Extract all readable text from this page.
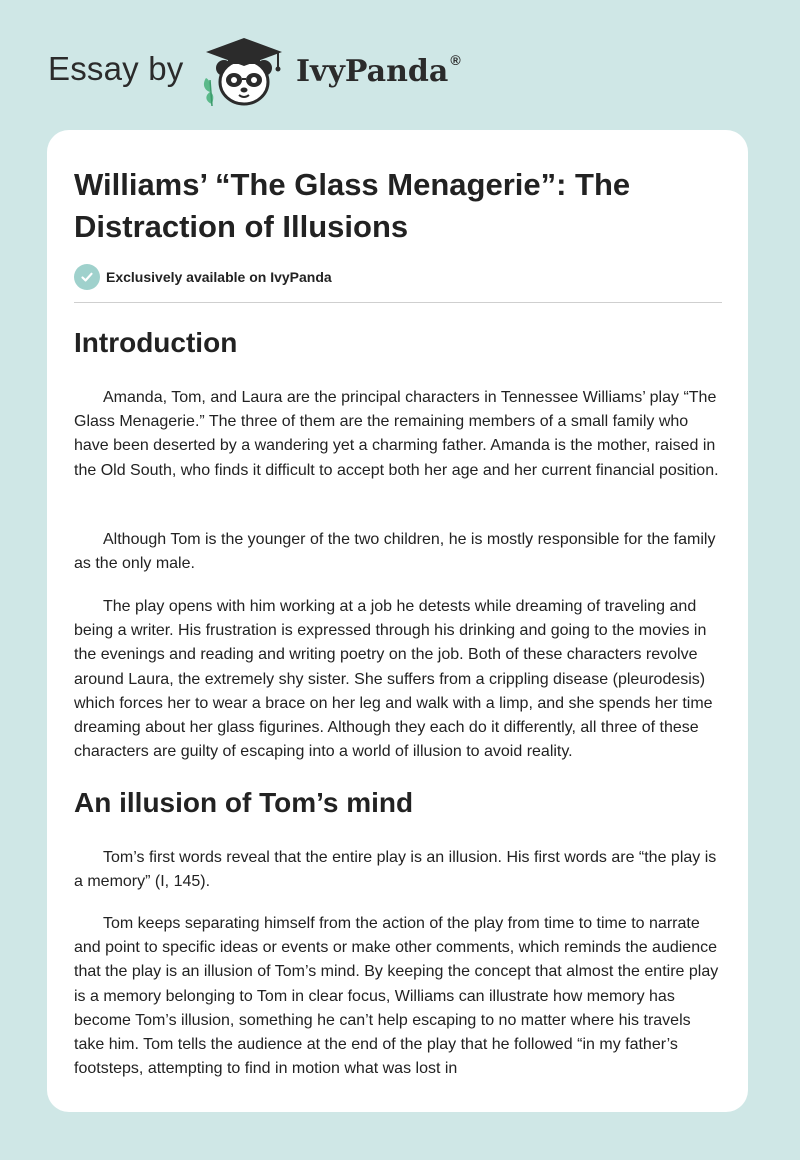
Essay by	IvyPanda ®
Williams’ “The Glass Menagerie”: The Distraction of Illusions
Exclusively available on IvyPanda
Introduction

Amanda, Tom, and Laura are the principal characters in Tennessee Williams’ play “The Glass Menagerie.” The three of them are the remaining members of a small family who have been deserted by a wandering yet a charming father. Amanda is the mother, raised in the Old South, who finds it difficult to accept both her age and her current financial position.

Although Tom is the younger of the two children, he is mostly responsible for the family as the only male.

The play opens with him working at a job he detests while dreaming of traveling and being a writer. His frustration is expressed through his drinking and going to the movies in the evenings and reading and writing poetry on the job. Both of these characters revolve around Laura, the extremely shy sister. She suffers from a crippling disease (pleurodesis) which forces her to wear a brace on her leg and walk with a limp, and she spends her time dreaming about her glass figurines. Although they each do it differently, all three of these characters are guilty of escaping into a world of illusion to avoid reality.

An illusion of Tom’s mind

Tom’s first words reveal that the entire play is an illusion. His first words are “the play is a memory” (I, 145).

Tom keeps separating himself from the action of the play from time to time to narrate and point to specific ideas or events or make other comments, which reminds the audience that the play is an illusion of Tom’s mind. By keeping the concept that almost the entire play is a memory belonging to Tom in clear focus, Williams can illustrate how memory has become Tom’s illusion, something he can’t help escaping to no matter where his travels take him. Tom tells the audience at the end of the play that he followed “in my father’s footsteps, attempting to find in motion what was lost in
